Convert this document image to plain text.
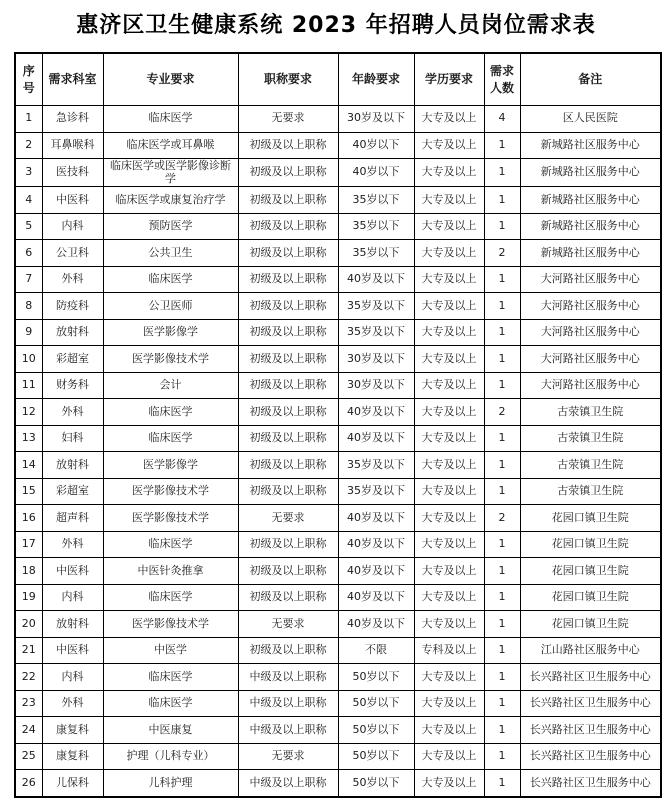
惠济区卫生健康系统 2023 年招聘人员岗位需求表
序号	需求科室	专业要求	职称要求	年龄要求	学历要求	需求人数	备注
1	急诊科	临床医学	无要求	30岁及以下	大专及以上	4	区人民医院
2	耳鼻喉科	临床医学或耳鼻喉	初级及以上职称	40岁以下	大专及以上	1	新城路社区服务中心
3	医技科	临床医学或医学影像诊断学	初级及以上职称	40岁以下	大专及以上	1	新城路社区服务中心
4	中医科	临床医学或康复治疗学	初级及以上职称	35岁以下	大专及以上	1	新城路社区服务中心
5	内科	预防医学	初级及以上职称	35岁以下	大专及以上	1	新城路社区服务中心
6	公卫科	公共卫生	初级及以上职称	35岁以下	大专及以上	2	新城路社区服务中心
7	外科	临床医学	初级及以上职称	40岁及以下	大专及以上	1	大河路社区服务中心
8	防疫科	公卫医师	初级及以上职称	35岁及以下	大专及以上	1	大河路社区服务中心
9	放射科	医学影像学	初级及以上职称	35岁及以下	大专及以上	1	大河路社区服务中心
10	彩超室	医学影像技术学	初级及以上职称	30岁及以下	大专及以上	1	大河路社区服务中心
11	财务科	会计	初级及以上职称	30岁及以下	大专及以上	1	大河路社区服务中心
12	外科	临床医学	初级及以上职称	40岁及以下	大专及以上	2	古荥镇卫生院
13	妇科	临床医学	初级及以上职称	40岁及以下	大专及以上	1	古荥镇卫生院
14	放射科	医学影像学	初级及以上职称	35岁及以下	大专及以上	1	古荥镇卫生院
15	彩超室	医学影像技术学	初级及以上职称	35岁及以下	大专及以上	1	古荥镇卫生院
16	超声科	医学影像技术学	无要求	40岁及以下	大专及以上	2	花园口镇卫生院
17	外科	临床医学	初级及以上职称	40岁及以下	大专及以上	1	花园口镇卫生院
18	中医科	中医针灸推拿	初级及以上职称	40岁及以下	大专及以上	1	花园口镇卫生院
19	内科	临床医学	初级及以上职称	40岁及以下	大专及以上	1	花园口镇卫生院
20	放射科	医学影像技术学	无要求	40岁及以下	大专及以上	1	花园口镇卫生院
21	中医科	中医学	初级及以上职称	不限	专科及以上	1	江山路社区服务中心
22	内科	临床医学	中级及以上职称	50岁以下	大专及以上	1	长兴路社区卫生服务中心
23	外科	临床医学	中级及以上职称	50岁以下	大专及以上	1	长兴路社区卫生服务中心
24	康复科	中医康复	中级及以上职称	50岁以下	大专及以上	1	长兴路社区卫生服务中心
25	康复科	护理（儿科专业）	无要求	50岁以下	大专及以上	1	长兴路社区卫生服务中心
26	儿保科	儿科护理	中级及以上职称	50岁以下	大专及以上	1	长兴路社区卫生服务中心
